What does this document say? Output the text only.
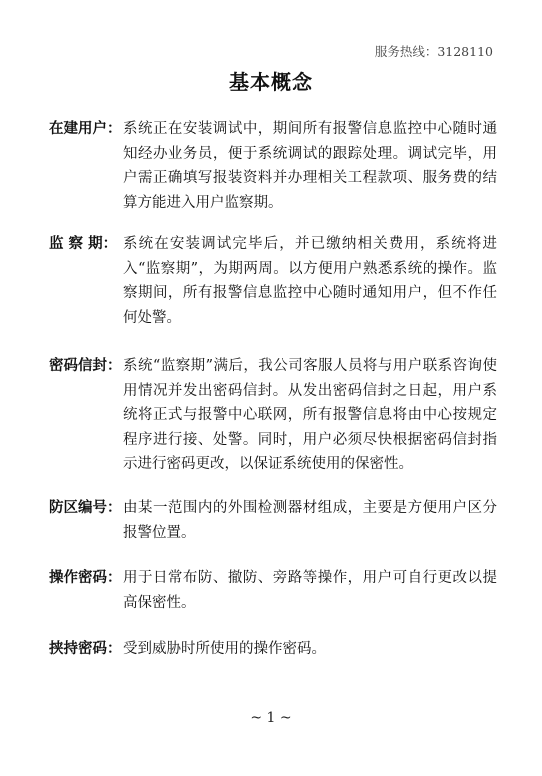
服务热线：3128110
基本概念
在建用户： 系统正在安装调试中，期间所有报警信息监控中心随时通知经办业务员，便于系统调试的跟踪处理。调试完毕，用户需正确填写报装资料并办理相关工程款项、服务费的结算方能进入用户监察期。
监 察 期： 系统在安装调试完毕后，并已缴纳相关费用，系统将进入“监察期”，为期两周。以方便用户熟悉系统的操作。监察期间，所有报警信息监控中心随时通知用户，但不作任何处警。
密码信封： 系统“监察期”满后，我公司客服人员将与用户联系咨询使用情况并发出密码信封。从发出密码信封之日起，用户系统将正式与报警中心联网，所有报警信息将由中心按规定程序进行接、处警。同时，用户必须尽快根据密码信封指示进行密码更改，以保证系统使用的保密性。
防区编号： 由某一范围内的外围检测器材组成，主要是方便用户区分报警位置。
操作密码： 用于日常布防、撤防、旁路等操作，用户可自行更改以提高保密性。
挟持密码： 受到威胁时所使用的操作密码。
~ 1 ~
